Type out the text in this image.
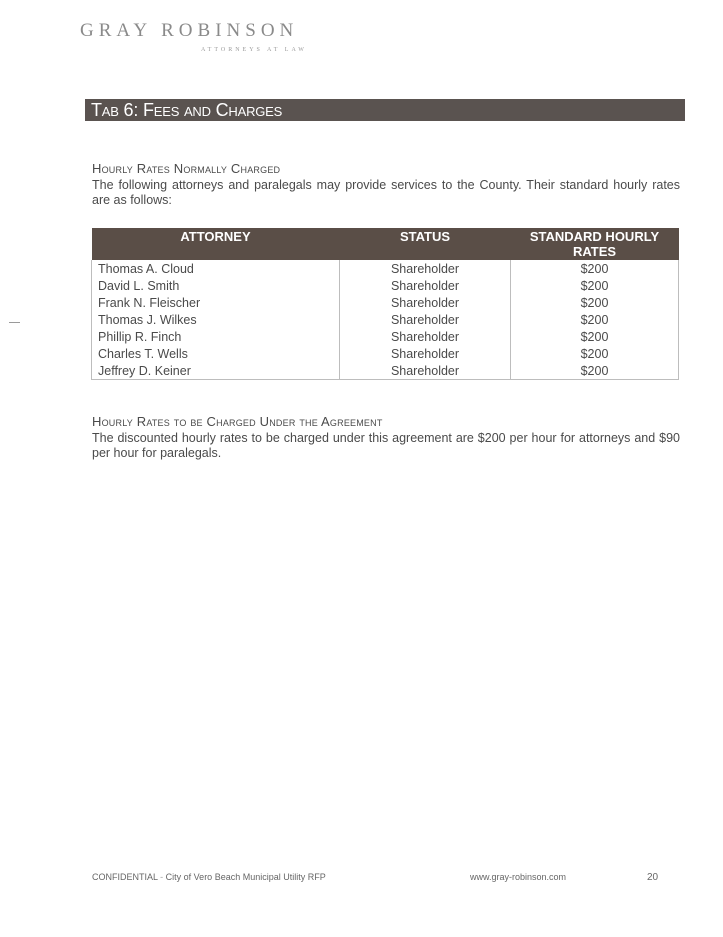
GRAY ROBINSON
ATTORNEYS AT LAW
Tab 6: Fees and Charges
Hourly Rates Normally Charged
The following attorneys and paralegals may provide services to the County. Their standard hourly rates are as follows:
ATTORNEY	STATUS	STANDARD HOURLY RATES
Thomas A. Cloud	Shareholder	$200
David L. Smith	Shareholder	$200
Frank N. Fleischer	Shareholder	$200
Thomas J. Wilkes	Shareholder	$200
Phillip R. Finch	Shareholder	$200
Charles T. Wells	Shareholder	$200
Jeffrey D. Keiner	Shareholder	$200
Hourly Rates to be Charged Under the Agreement
The discounted hourly rates to be charged under this agreement are $200 per hour for attorneys and $90 per hour for paralegals.
CONFIDENTIAL - City of Vero Beach Municipal Utility RFP	www.gray-robinson.com	20
